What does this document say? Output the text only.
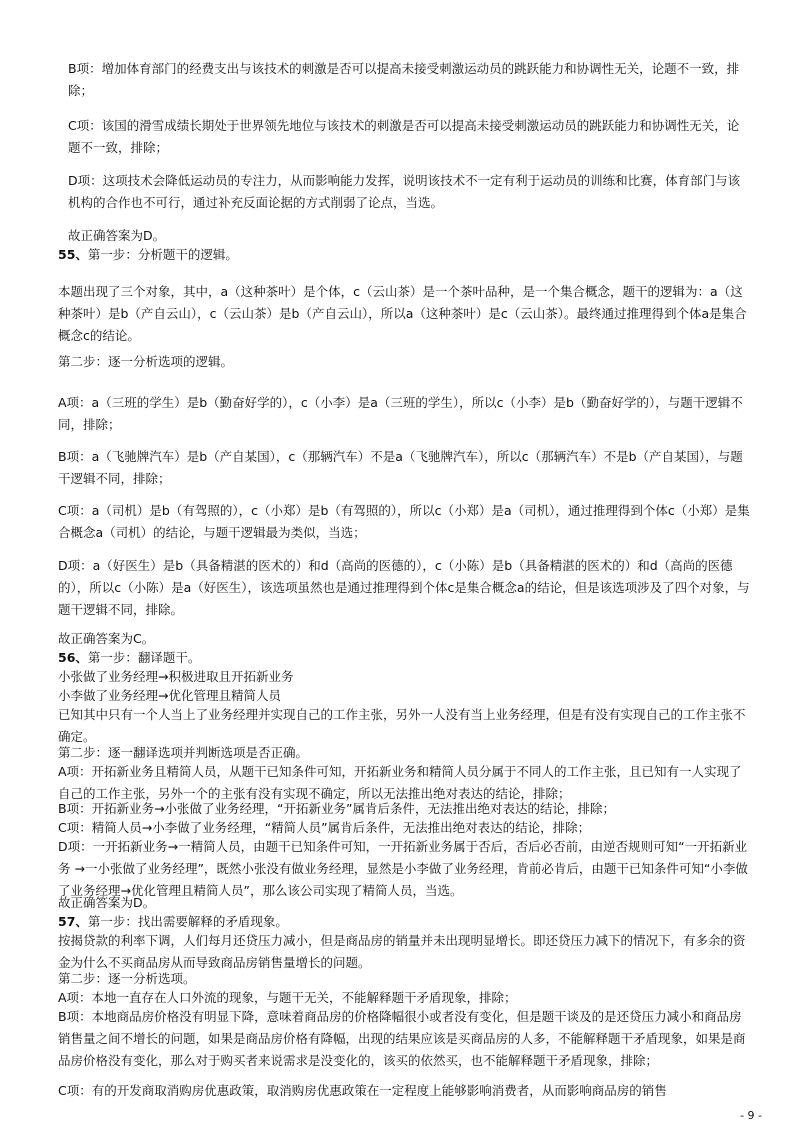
B项：增加体育部门的经费支出与该技术的刺激是否可以提高未接受刺激运动员的跳跃能力和协调性无关，论题不一致，排除；
C项：该国的滑雪成绩长期处于世界领先地位与该技术的刺激是否可以提高未接受刺激运动员的跳跃能力和协调性无关，论题不一致，排除；
D项：这项技术会降低运动员的专注力，从而影响能力发挥，说明该技术不一定有利于运动员的训练和比赛，体育部门与该机构的合作也不可行，通过补充反面论据的方式削弱了论点，当选。
故正确答案为D。
55、第一步：分析题干的逻辑。
本题出现了三个对象，其中，a（这种茶叶）是个体，c（云山茶）是一个茶叶品种，是一个集合概念，题干的逻辑为：a（这种茶叶）是b（产自云山），c（云山茶）是b（产自云山），所以a（这种茶叶）是c（云山茶）。最终通过推理得到个体a是集合概念c的结论。
第二步：逐一分析选项的逻辑。
A项：a（三班的学生）是b（勤奋好学的），c（小李）是a（三班的学生），所以c（小李）是b（勤奋好学的），与题干逻辑不同，排除；
B项：a（飞驰牌汽车）是b（产自某国），c（那辆汽车）不是a（飞驰牌汽车），所以c（那辆汽车）不是b（产自某国），与题干逻辑不同，排除；
C项：a（司机）是b（有驾照的），c（小郑）是b（有驾照的），所以c（小郑）是a（司机），通过推理得到个体c（小郑）是集合概念a（司机）的结论，与题干逻辑最为类似，当选；
D项：a（好医生）是b（具备精湛的医术的）和d（高尚的医德的），c（小陈）是b（具备精湛的医术的）和d（高尚的医德的），所以c（小陈）是a（好医生），该选项虽然也是通过推理得到个体c是集合概念a的结论，但是该选项涉及了四个对象，与题干逻辑不同，排除。
故正确答案为C。
56、第一步：翻译题干。
小张做了业务经理→积极进取且开拓新业务
小李做了业务经理→优化管理且精简人员
已知其中只有一个人当上了业务经理并实现自己的工作主张，另外一人没有当上业务经理，但是有没有实现自己的工作主张不确定。
第二步：逐一翻译选项并判断选项是否正确。
A项：开拓新业务且精简人员，从题干已知条件可知，开拓新业务和精简人员分属于不同人的工作主张，且已知有一人实现了自己的工作主张，另外一个的主张有没有实现不确定，所以无法推出绝对表达的结论，排除；
B项：开拓新业务→小张做了业务经理，“开拓新业务”属肯后条件，无法推出绝对表达的结论，排除；
C项：精简人员→小李做了业务经理，“精简人员”属肯后条件，无法推出绝对表达的结论，排除；
D项：一开拓新业务→一精简人员，由题干已知条件可知，一开拓新业务属于否后，否后必否前，由逆否规则可知“一开拓新业务 →一小张做了业务经理”，既然小张没有做业务经理，显然是小李做了业务经理，肯前必肯后，由题干已知条件可知“小李做了业务经理→优化管理且精简人员”，那么该公司实现了精简人员，当选。
故正确答案为D。
57、第一步：找出需要解释的矛盾现象。
按揭贷款的利率下调，人们每月还贷压力减小，但是商品房的销量并未出现明显增长。即还贷压力减下的情况下，有多余的资金为什么不买商品房从而导致商品房销售量增长的问题。
第二步：逐一分析选项。
A项：本地一直存在人口外流的现象，与题干无关，不能解释题干矛盾现象，排除；
B项：本地商品房价格没有明显下降，意味着商品房的价格降幅很小或者没有变化，但是题干谈及的是还贷压力减小和商品房销售量之间不增长的问题，如果是商品房价格有降幅，出现的结果应该是买商品房的人多，不能解释题干矛盾现象，如果是商品房价格没有变化，那么对于购买者来说需求是没变化的，该买的依然买，也不能解释题干矛盾现象，排除；
C项：有的开发商取消购房优惠政策，取消购房优惠政策在一定程度上能够影响消费者，从而影响商品房的销售
- 9 -
